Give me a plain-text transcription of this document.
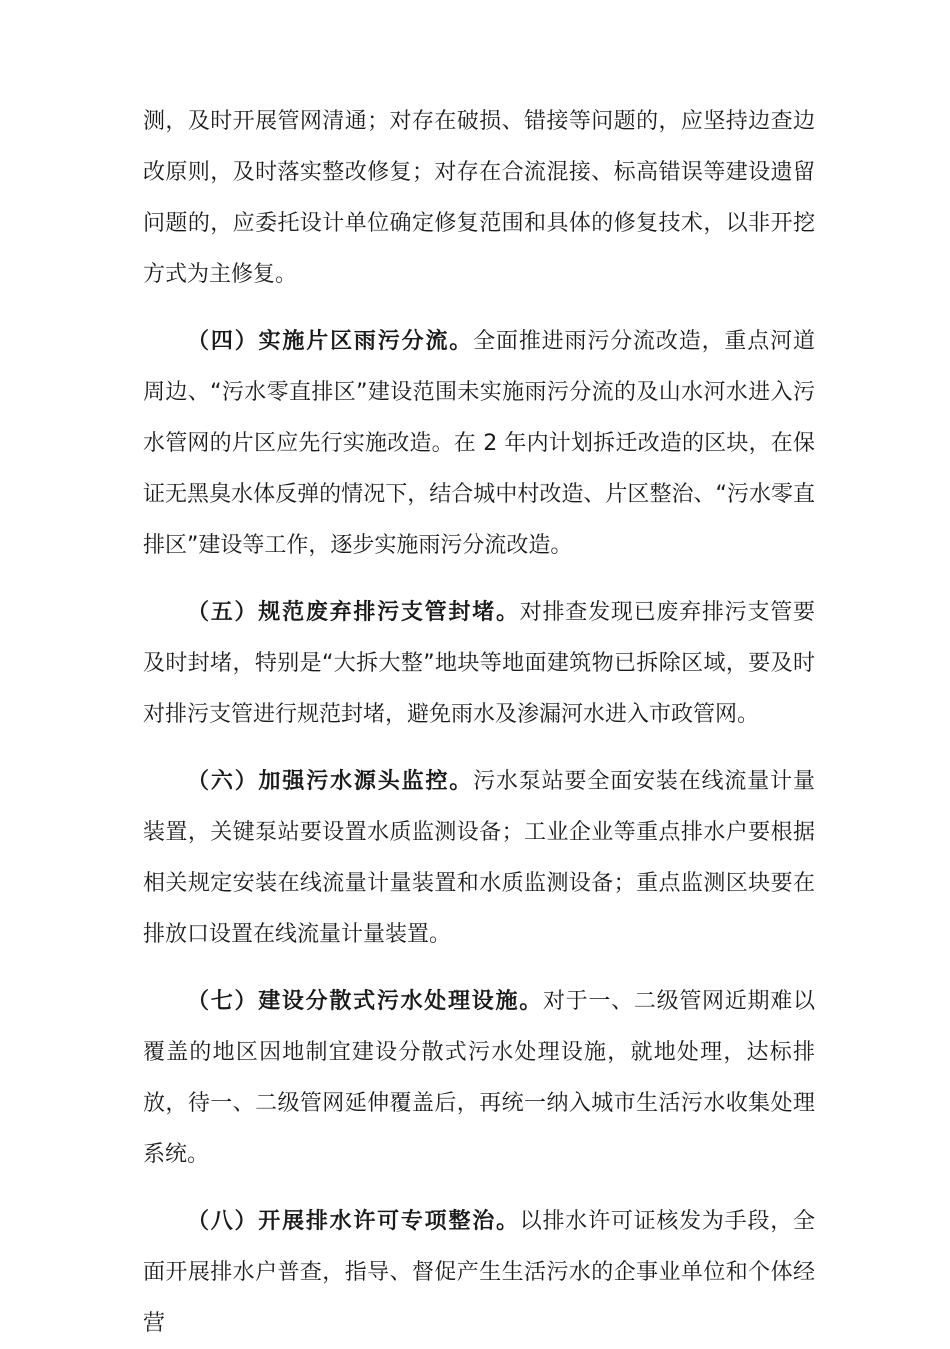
测，及时开展管网清通；对存在破损、错接等问题的，应坚持边查边改原则，及时落实整改修复；对存在合流混接、标高错误等建设遗留问题的，应委托设计单位确定修复范围和具体的修复技术，以非开挖方式为主修复。

（四）实施片区雨污分流。全面推进雨污分流改造，重点河道周边、“污水零直排区”建设范围未实施雨污分流的及山水河水进入污水管网的片区应先行实施改造。在 2 年内计划拆迁改造的区块，在保证无黑臭水体反弹的情况下，结合城中村改造、片区整治、“污水零直排区”建设等工作，逐步实施雨污分流改造。

（五）规范废弃排污支管封堵。对排查发现已废弃排污支管要及时封堵，特别是“大拆大整”地块等地面建筑物已拆除区域，要及时对排污支管进行规范封堵，避免雨水及渗漏河水进入市政管网。

（六）加强污水源头监控。污水泵站要全面安装在线流量计量装置，关键泵站要设置水质监测设备；工业企业等重点排水户要根据相关规定安装在线流量计量装置和水质监测设备；重点监测区块要在排放口设置在线流量计量装置。

（七）建设分散式污水处理设施。对于一、二级管网近期难以覆盖的地区因地制宜建设分散式污水处理设施，就地处理，达标排放，待一、二级管网延伸覆盖后，再统一纳入城市生活污水收集处理系统。

（八）开展排水许可专项整治。以排水许可证核发为手段，全面开展排水户普查，指导、督促产生生活污水的企事业单位和个体经营
